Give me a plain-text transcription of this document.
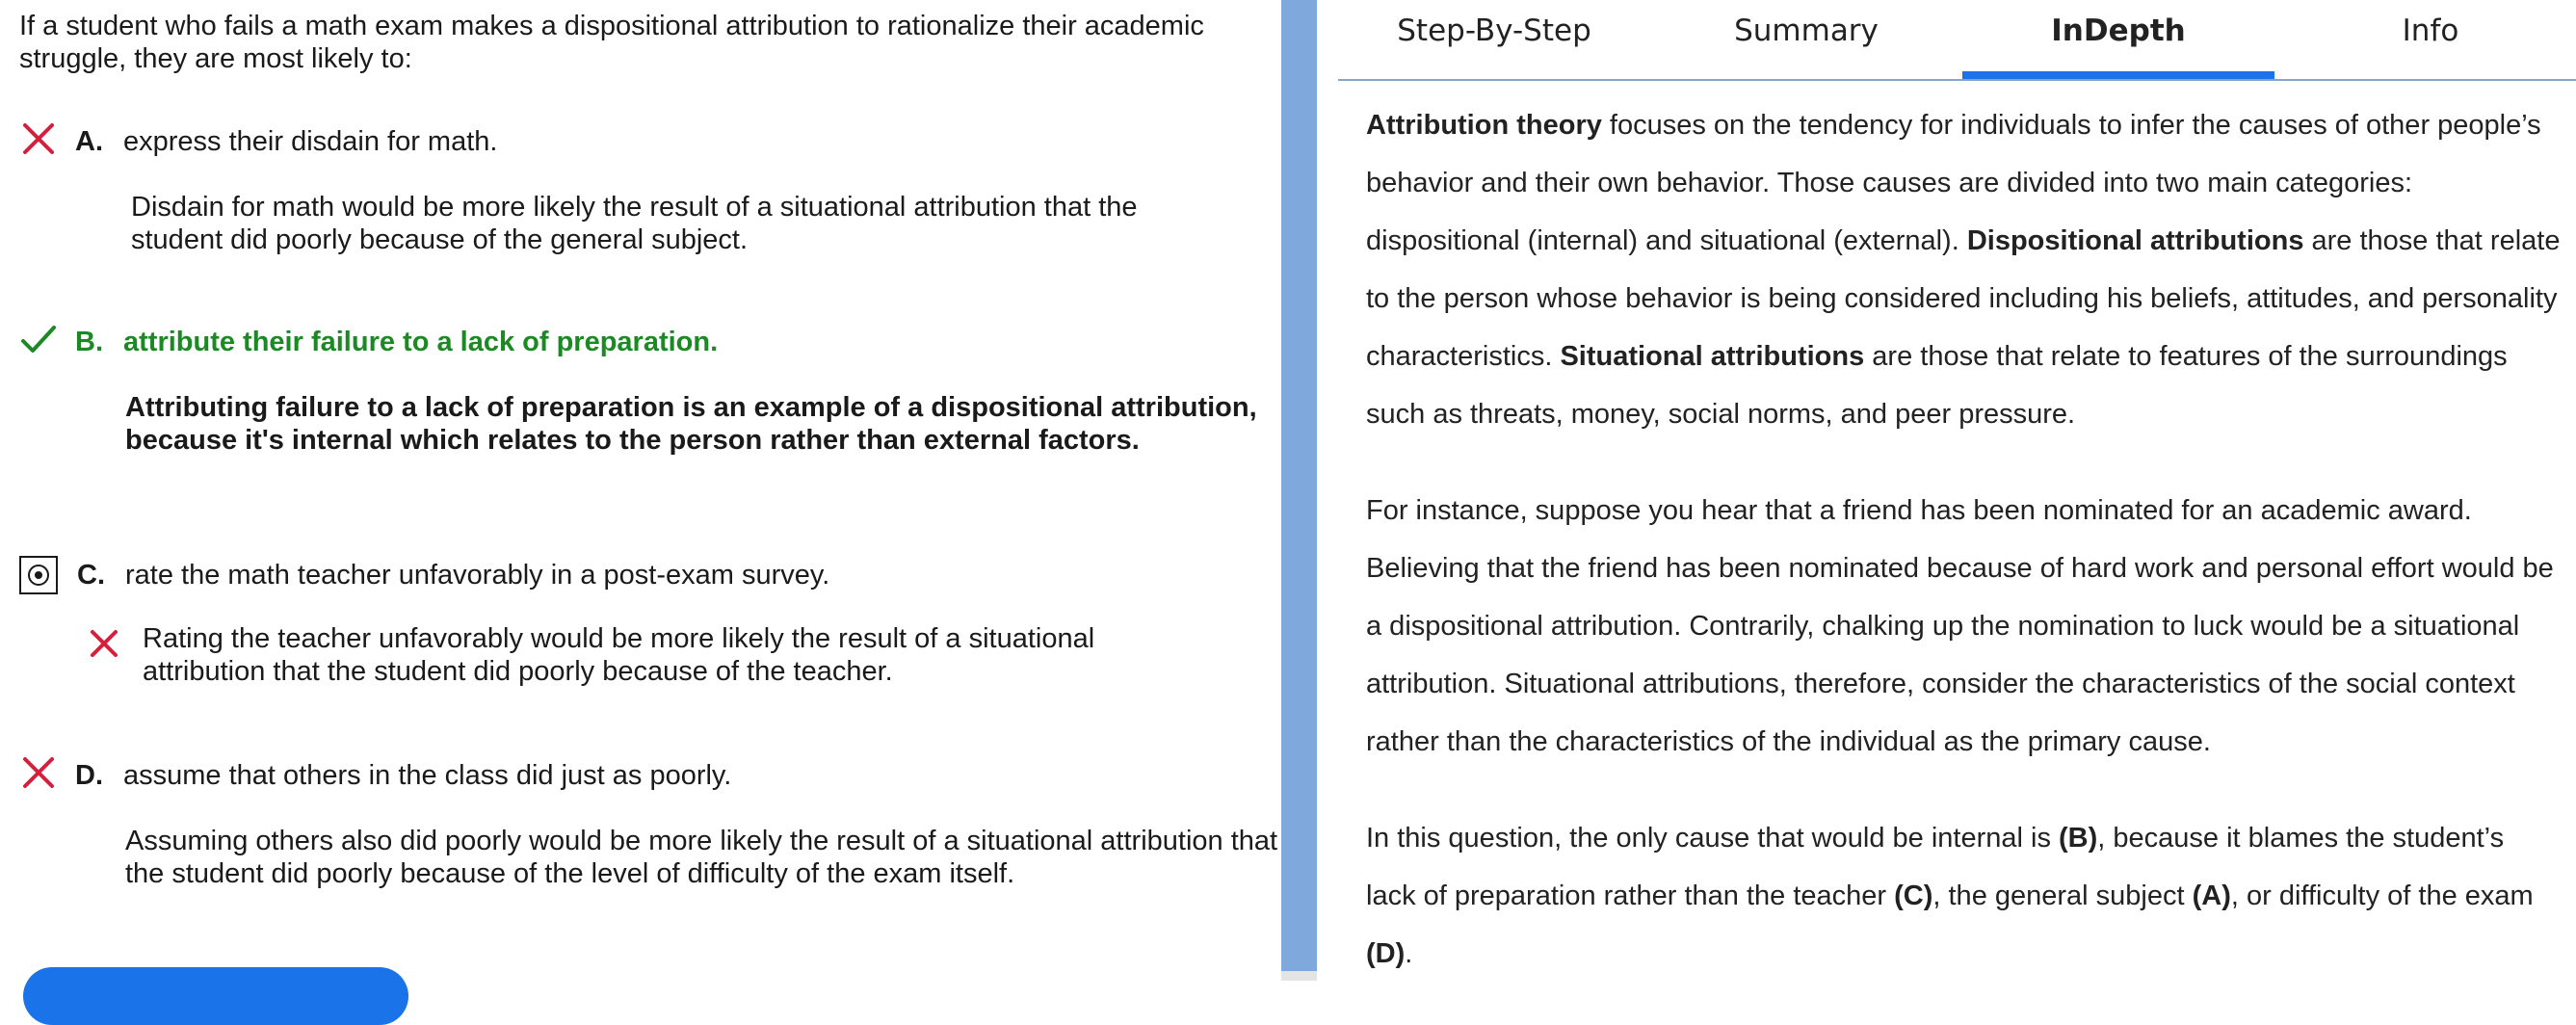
If a student who fails a math exam makes a dispositional attribution to rationalize their academic struggle, they are most likely to:
A. express their disdain for math.
Disdain for math would be more likely the result of a situational attribution that the student did poorly because of the general subject.
B. attribute their failure to a lack of preparation.
Attributing failure to a lack of preparation is an example of a dispositional attribution, because it's internal which relates to the person rather than external factors.
C. rate the math teacher unfavorably in a post-exam survey.
Rating the teacher unfavorably would be more likely the result of a situational attribution that the student did poorly because of the teacher.
D. assume that others in the class did just as poorly.
Assuming others also did poorly would be more likely the result of a situational attribution that the student did poorly because of the level of difficulty of the exam itself.
Step-By-Step	Summary	InDepth	Info

Attribution theory focuses on the tendency for individuals to infer the causes of other people’s behavior and their own behavior. Those causes are divided into two main categories: dispositional (internal) and situational (external). Dispositional attributions are those that relate to the person whose behavior is being considered including his beliefs, attitudes, and personality characteristics. Situational attributions are those that relate to features of the surroundings such as threats, money, social norms, and peer pressure.

For instance, suppose you hear that a friend has been nominated for an academic award. Believing that the friend has been nominated because of hard work and personal effort would be a dispositional attribution. Contrarily, chalking up the nomination to luck would be a situational attribution. Situational attributions, therefore, consider the characteristics of the social context rather than the characteristics of the individual as the primary cause.

In this question, the only cause that would be internal is (B), because it blames the student’s lack of preparation rather than the teacher (C), the general subject (A), or difficulty of the exam (D).
